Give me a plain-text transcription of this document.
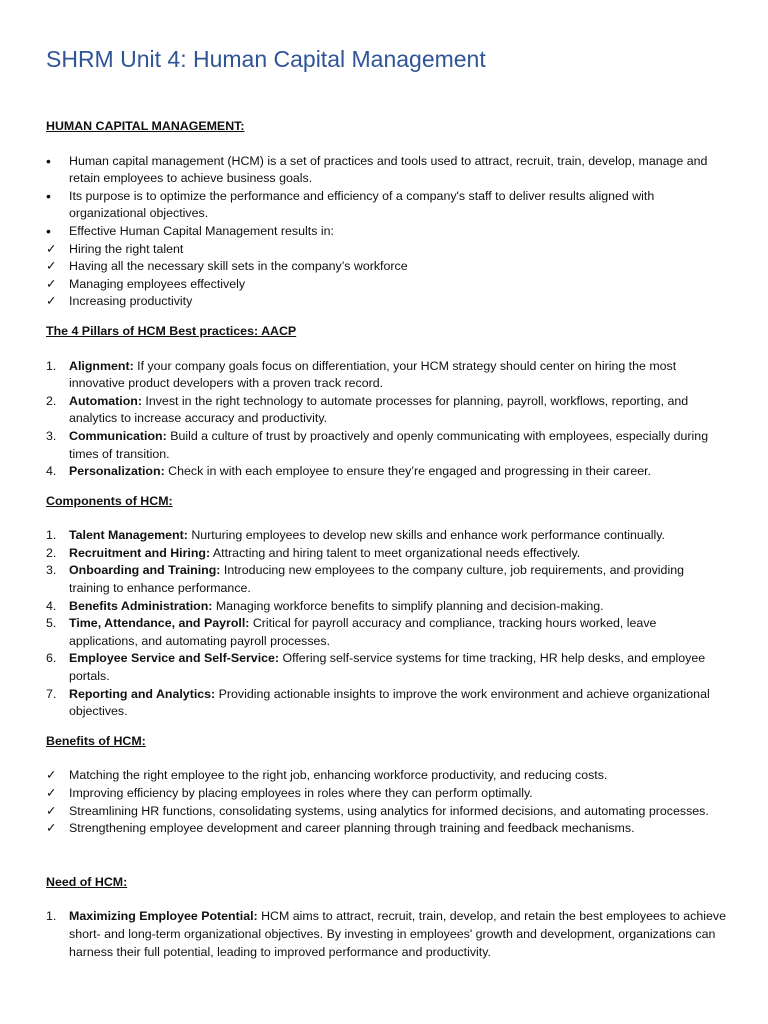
SHRM Unit 4: Human Capital Management
HUMAN CAPITAL MANAGEMENT:
•	Human capital management (HCM) is a set of practices and tools used to attract, recruit, train, develop, manage and retain employees to achieve business goals.
•	Its purpose is to optimize the performance and efficiency of a company's staff to deliver results aligned with organizational objectives.
•	Effective Human Capital Management results in:
✓	Hiring the right talent
✓	Having all the necessary skill sets in the company’s workforce
✓	Managing employees effectively
✓	Increasing productivity
The 4 Pillars of HCM Best practices: AACP
1.	Alignment: If your company goals focus on differentiation, your HCM strategy should center on hiring the most innovative product developers with a proven track record.
2.	Automation: Invest in the right technology to automate processes for planning, payroll, workflows, reporting, and analytics to increase accuracy and productivity.
3.	Communication: Build a culture of trust by proactively and openly communicating with employees, especially during times of transition.
4.	Personalization: Check in with each employee to ensure they’re engaged and progressing in their career.
Components of HCM:
1.	Talent Management: Nurturing employees to develop new skills and enhance work performance continually.
2.	Recruitment and Hiring: Attracting and hiring talent to meet organizational needs effectively.
3.	Onboarding and Training: Introducing new employees to the company culture, job requirements, and providing training to enhance performance.
4.	Benefits Administration: Managing workforce benefits to simplify planning and decision-making.
5.	Time, Attendance, and Payroll: Critical for payroll accuracy and compliance, tracking hours worked, leave applications, and automating payroll processes.
6.	Employee Service and Self-Service: Offering self-service systems for time tracking, HR help desks, and employee portals.
7.	Reporting and Analytics: Providing actionable insights to improve the work environment and achieve organizational objectives.
Benefits of HCM:
✓	Matching the right employee to the right job, enhancing workforce productivity, and reducing costs.
✓	Improving efficiency by placing employees in roles where they can perform optimally.
✓	Streamlining HR functions, consolidating systems, using analytics for informed decisions, and automating processes.
✓	Strengthening employee development and career planning through training and feedback mechanisms.
Need of HCM:
1.	Maximizing Employee Potential: HCM aims to attract, recruit, train, develop, and retain the best employees to achieve short- and long-term organizational objectives. By investing in employees' growth and development, organizations can harness their full potential, leading to improved performance and productivity.
